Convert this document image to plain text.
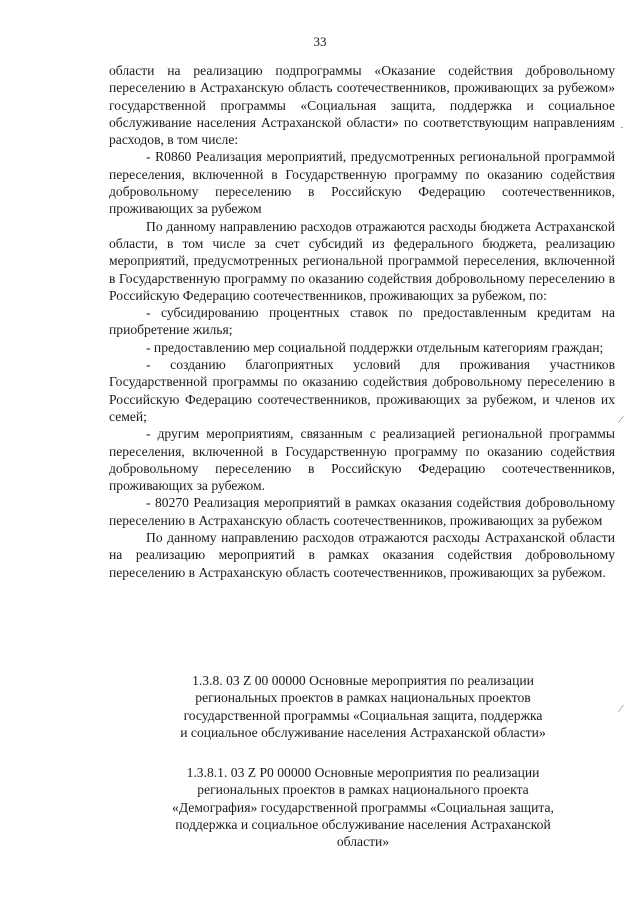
33

области на реализацию подпрограммы «Оказание содействия добровольному переселению в Астраханскую область соотечественников, проживающих за рубежом» государственной программы «Социальная защита, поддержка и социальное обслуживание населения Астраханской области» по соответствующим направлениям расходов, в том числе:

- R0860 Реализация мероприятий, предусмотренных региональной программой переселения, включенной в Государственную программу по оказанию содействия добровольному переселению в Российскую Федерацию соотечественников, проживающих за рубежом

По данному направлению расходов отражаются расходы бюджета Астраханской области, в том числе за счет субсидий из федерального бюджета, реализацию мероприятий, предусмотренных региональной программой переселения, включенной в Государственную программу по оказанию содействия добровольному переселению в Российскую Федерацию соотечественников, проживающих за рубежом, по:

- субсидированию процентных ставок по предоставленным кредитам на приобретение жилья;

- предоставлению мер социальной поддержки отдельным категориям граждан;

- созданию благоприятных условий для проживания участников Государственной программы по оказанию содействия добровольному переселению в Российскую Федерацию соотечественников, проживающих за рубежом, и членов их семей;

- другим мероприятиям, связанным с реализацией региональной программы переселения, включенной в Государственную программу по оказанию содействия добровольному переселению в Российскую Федерацию соотечественников, проживающих за рубежом.

- 80270 Реализация мероприятий в рамках оказания содействия добровольному переселению в Астраханскую область соотечественников, проживающих за рубежом

По данному направлению расходов отражаются расходы Астраханской области на реализацию мероприятий в рамках оказания содействия добровольному переселению в Астраханскую область соотечественников, проживающих за рубежом.

1.3.8. 03 Z 00 00000 Основные мероприятия по реализации
региональных проектов в рамках национальных проектов
государственной программы «Социальная защита, поддержка
и социальное обслуживание населения Астраханской области»
1.3.8.1. 03 Z P0 00000 Основные мероприятия по реализации
региональных проектов в рамках национального проекта
«Демография» государственной программы «Социальная защита,
поддержка и социальное обслуживание населения Астраханской
области»
·
⁄
⁄
